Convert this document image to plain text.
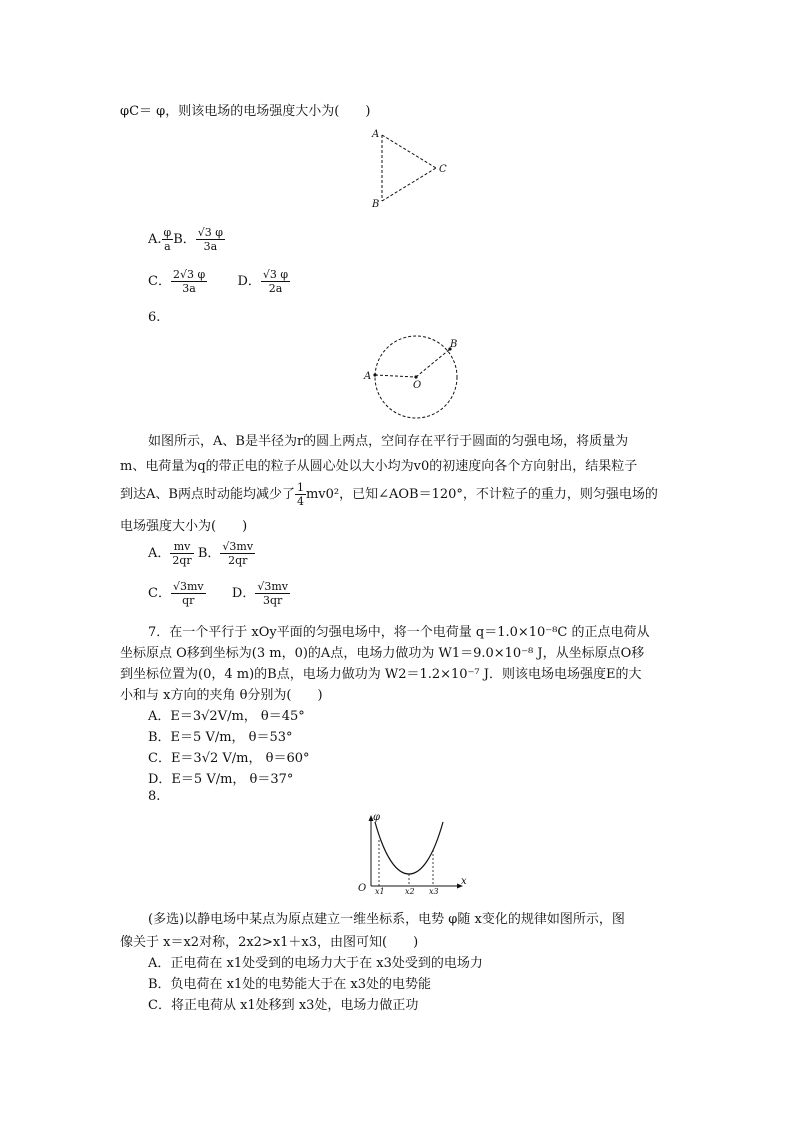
φC＝ φ，则该电场的电场强度大小为(　　)
A
B
C
A. $\frac{\varphi}{a}$ B． $\frac{√3 \varphi}{3a}$
C． $\frac{2√3 \varphi}{3a}$ D． $\frac{√3 \varphi}{2a}$
6.
A
B
O
如图所示，A、B是半径为r的圆上两点，空间存在平行于圆面的匀强电场，将质量为
m、电荷量为q的带正电的粒子从圆心处以大小均为v0的初速度向各个方向射出，结果粒子
到达A、B两点时动能均减少了 $\frac{1}{4} mv0^2$，已知∠AOB＝120°，不计粒子的重力，则匀强电场的
电场强度大小为(　　)
A． $\frac{mv}{2qr}$ B． $\frac{√3mv}{2qr}$
C． $\frac{√3mv}{qr}$ D． $\frac{√3mv}{3qr}$
7．在一个平行于 xOy平面的匀强电场中，将一个电荷量 q＝1.0×10⁻⁸C 的正点电荷从
坐标原点 O移到坐标为(3 m，0)的A点，电场力做功为 W1＝9.0×10⁻⁸ J，从坐标原点O移
到坐标位置为(0，4 m)的B点，电场力做功为 W2＝1.2×10⁻⁷ J．则该电场电场强度E的大
小和与 x方向的夹角 θ分别为(　　)
A．E＝3√2V/m， θ＝45°
B．E＝5 V/m， θ＝53°
C．E＝3√2 V/m， θ＝60°
D．E＝5 V/m， θ＝37°
8.
φ
x
O x1	x2 x3
(多选)以静电场中某点为原点建立一维坐标系，电势 φ随 x变化的规律如图所示，图
像关于 x＝x2对称，2x2>x1＋x3，由图可知(　　)
A．正电荷在 x1处受到的电场力大于在 x3处受到的电场力
B．负电荷在 x1处的电势能大于在 x3处的电势能
C．将正电荷从 x1处移到 x3处，电场力做正功
